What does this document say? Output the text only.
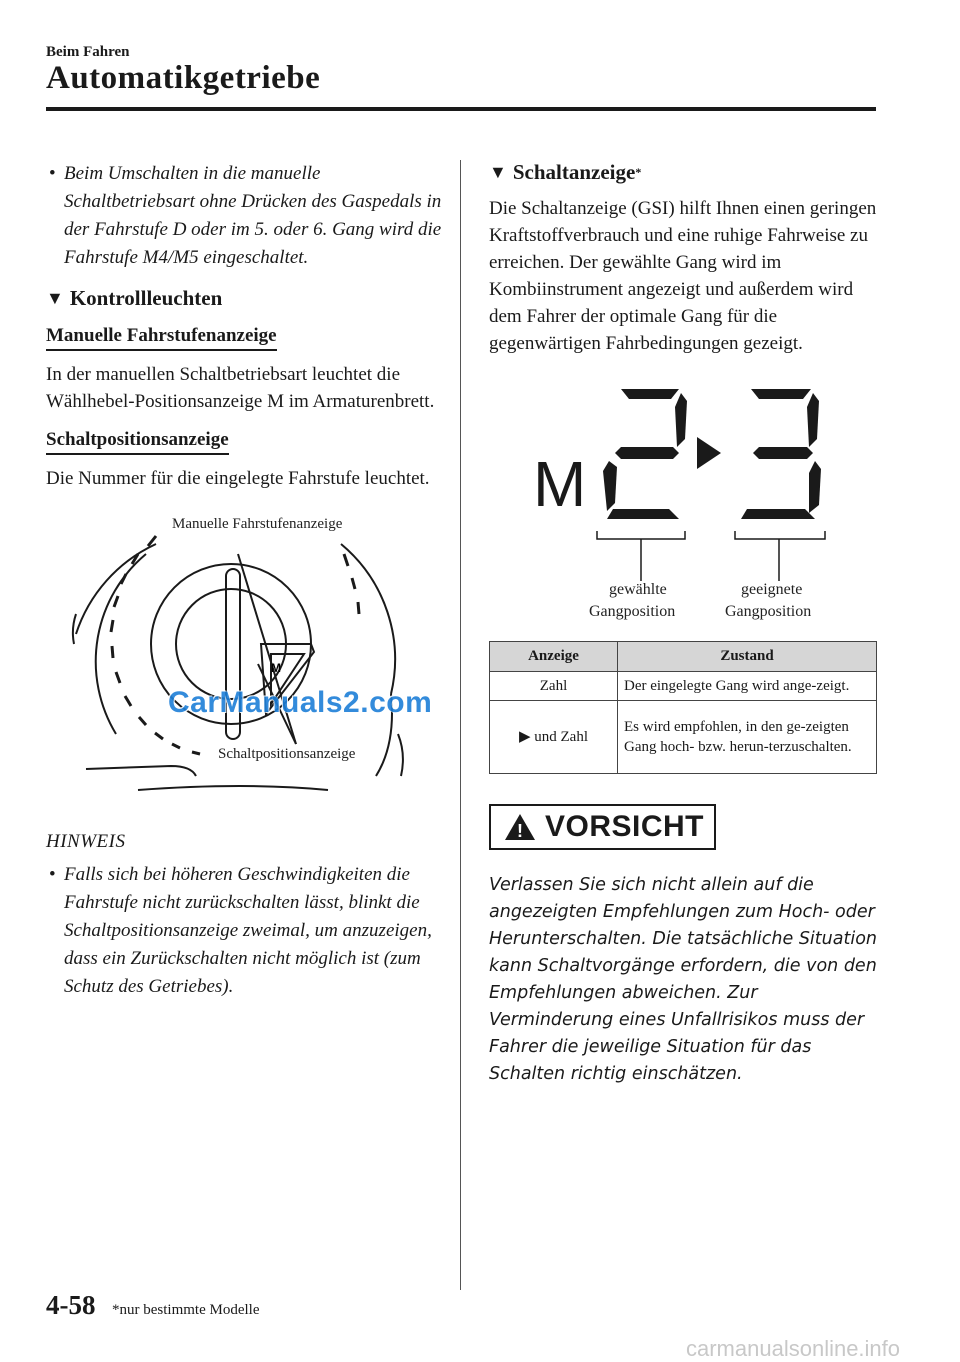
Beim Fahren
Automatikgetriebe
• Beim Umschalten in die manuelle Schaltbetriebsart ohne Drücken des Gaspedals in der Fahrstufe D oder im 5. oder 6. Gang wird die Fahrstufe M4/M5 eingeschaltet.
▼ Kontrollleuchten
Manuelle Fahrstufenanzeige
In der manuellen Schaltbetriebsart leuchtet die Wählhebel-Positionsanzeige M im Armaturenbrett.
Schaltpositionsanzeige
Die Nummer für die eingelegte Fahrstufe leuchtet.
M
Manuelle Fahrstufenanzeige
Schaltpositionsanzeige
HINWEIS
• Falls sich bei höheren Geschwindigkeiten die Fahrstufe nicht zurückschalten lässt, blinkt die Schaltpositionsanzeige zweimal, um anzuzeigen, dass ein Zurückschalten nicht möglich ist (zum Schutz des Getriebes).
CarManuals2.com
▼ Schaltanzeige *
Die Schaltanzeige (GSI) hilft Ihnen einen geringen Kraftstoffverbrauch und eine ruhige Fahrweise zu erreichen. Der gewählte Gang wird im Kombiinstrument angezeigt und außerdem wird dem Fahrer der optimale Gang für die gegenwärtigen Fahrbedingungen gezeigt.
M
gewählte
Gangposition
geeignete
Gangposition
Anzeige	Zustand
Zahl	Der eingelegte Gang wird ange-zeigt.
▶ und Zahl	Es wird empfohlen, in den ge-zeigten Gang hoch- bzw. herun-terzuschalten.
! VORSICHT
Verlassen Sie sich nicht allein auf die angezeigten Empfehlungen zum Hoch- oder Herunterschalten. Die tatsächliche Situation kann Schaltvorgänge erfordern, die von den Empfehlungen abweichen. Zur Verminderung eines Unfallrisikos muss der Fahrer die jeweilige Situation für das Schalten richtig einschätzen.
4-58 *nur bestimmte Modelle
carmanualsonline.info
